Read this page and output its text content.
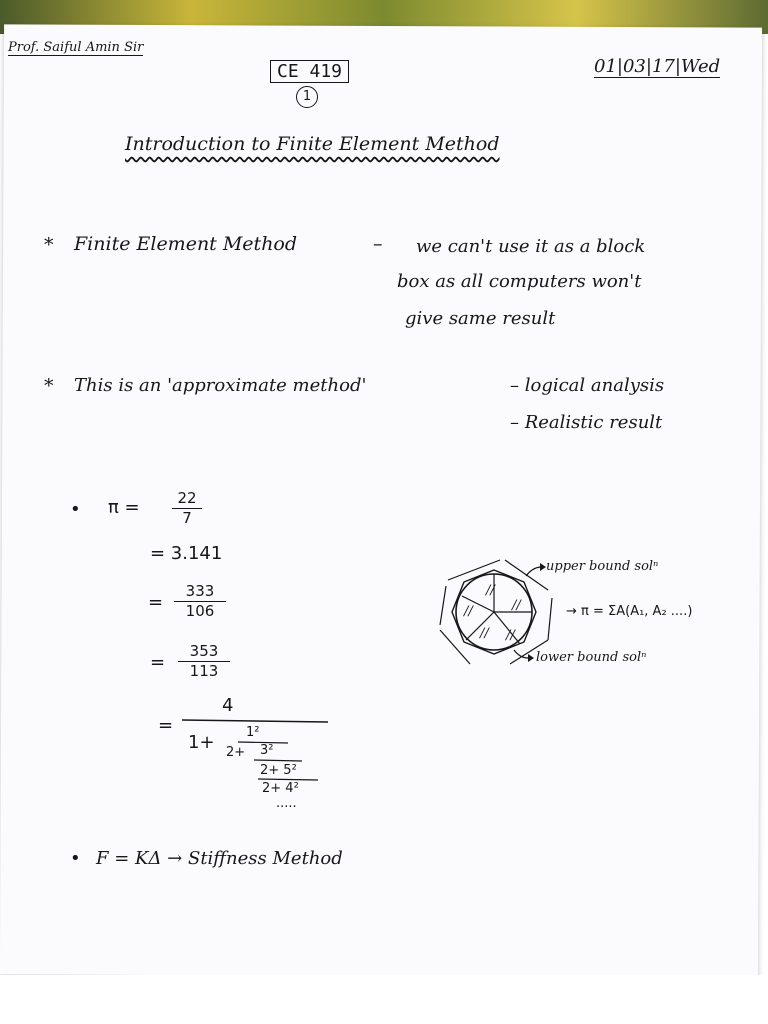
Prof. Saiful Amin Sir
CE 419
1
01|03|17|Wed
Introduction to Finite Element Method
* Finite Element Method	– we can't use it as a block
box as all computers won't
give same result
* This is an 'approximate method'	– logical analysis
– Realistic result
• π =	22
7
= 3.141
=
333
106
=
353
113
=
4
1+ 1²
2+ 3²
2+ 5²
2+ 4²
.....
//
//
//
// //
upper bound solⁿ
→ π = ΣA(A₁, A₂ ....)
lower bound solⁿ
• F = KΔ → Stiffness Method
